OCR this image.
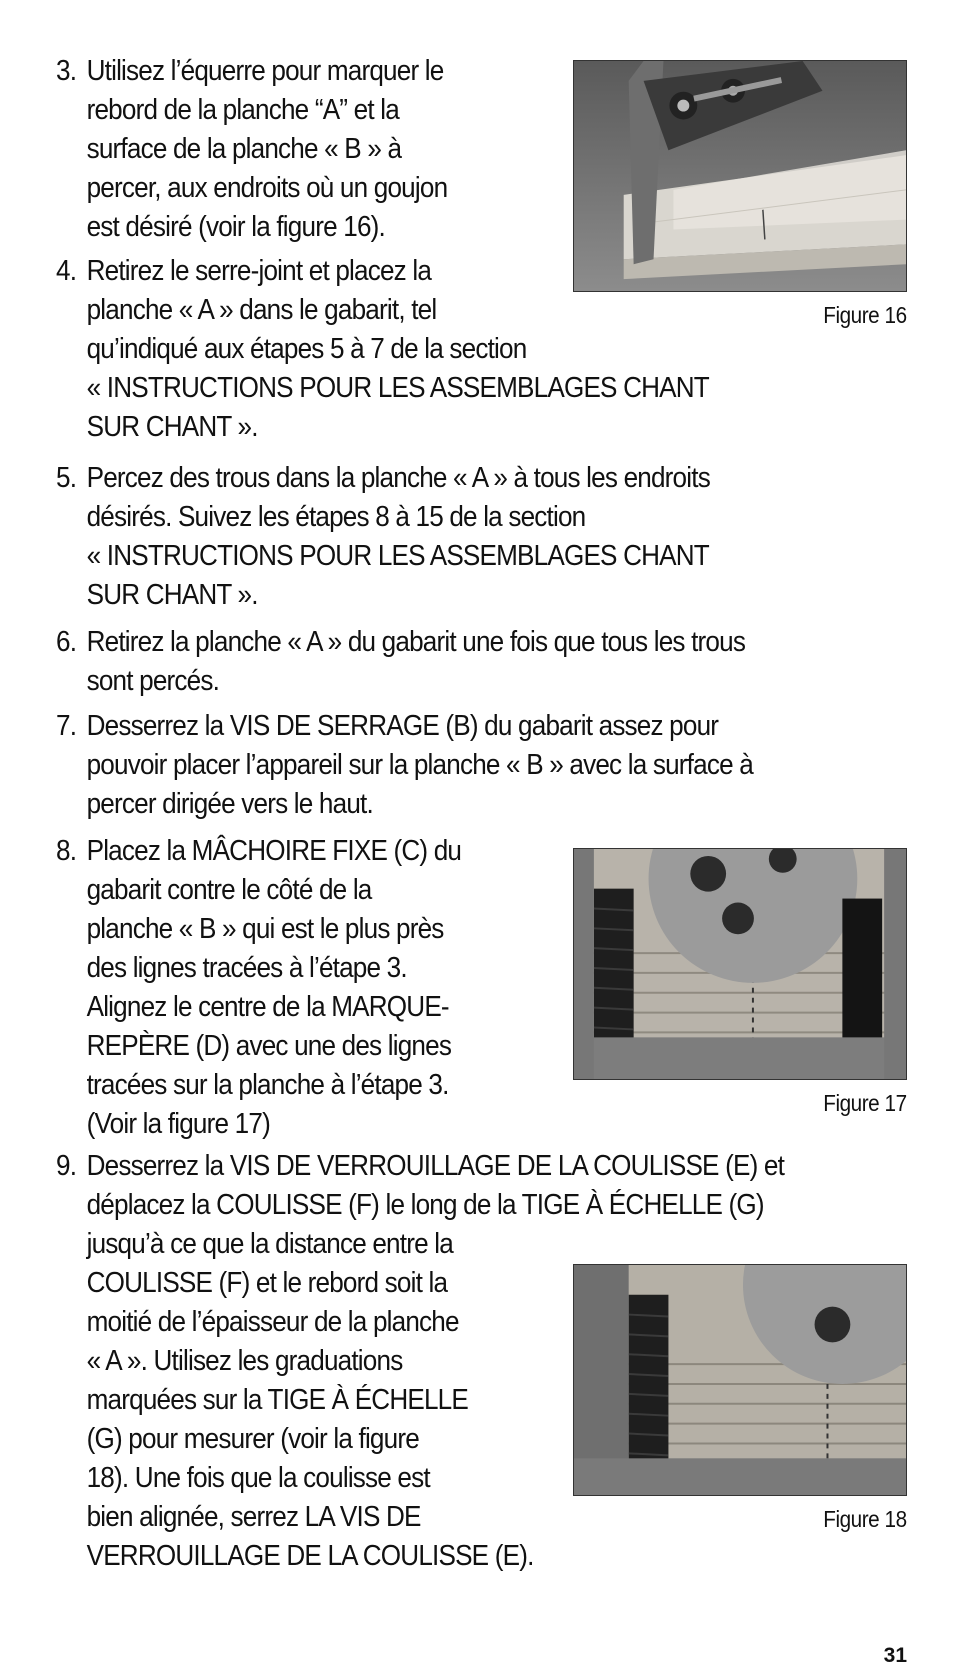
3. Utilisez l’équerre pour marquer le
rebord de la planche “A” et la
surface de la planche « B » à
percer, aux endroits où un goujon
est désiré (voir la figure 16).
4. Retirez le serre-joint et placez la
planche « A » dans le gabarit, tel
qu’indiqué aux étapes 5 à 7 de la section
« INSTRUCTIONS POUR LES ASSEMBLAGES CHANT
SUR CHANT ».
5. Percez des trous dans la planche « A » à tous les endroits
désirés. Suivez les étapes 8 à 15 de la section
« INSTRUCTIONS POUR LES ASSEMBLAGES CHANT
SUR CHANT ».
6. Retirez la planche « A » du gabarit une fois que tous les trous
sont percés.
7. Desserrez la VIS DE SERRAGE (B) du gabarit assez pour
pouvoir placer l’appareil sur la planche « B » avec la surface à
percer dirigée vers le haut.
8. Placez la MÂCHOIRE FIXE (C) du
gabarit contre le côté de la
planche « B » qui est le plus près
des lignes tracées à l’étape 3.
Alignez le centre de la MARQUE-
REPÈRE (D) avec une des lignes
tracées sur la planche à l’étape 3.
(Voir la figure 17)
9. Desserrez la VIS DE VERROUILLAGE DE LA COULISSE (E) et
déplacez la COULISSE (F) le long de la TIGE À ÉCHELLE (G)
jusqu’à ce que la distance entre la
COULISSE (F) et le rebord soit la
moitié de l’épaisseur de la planche
« A ». Utilisez les graduations
marquées sur la TIGE À ÉCHELLE
(G) pour mesurer (voir la figure
18). Une fois que la coulisse est
bien alignée, serrez LA VIS DE
VERROUILLAGE DE LA COULISSE (E).
Figure 16
Figure 17
Figure 18
31
